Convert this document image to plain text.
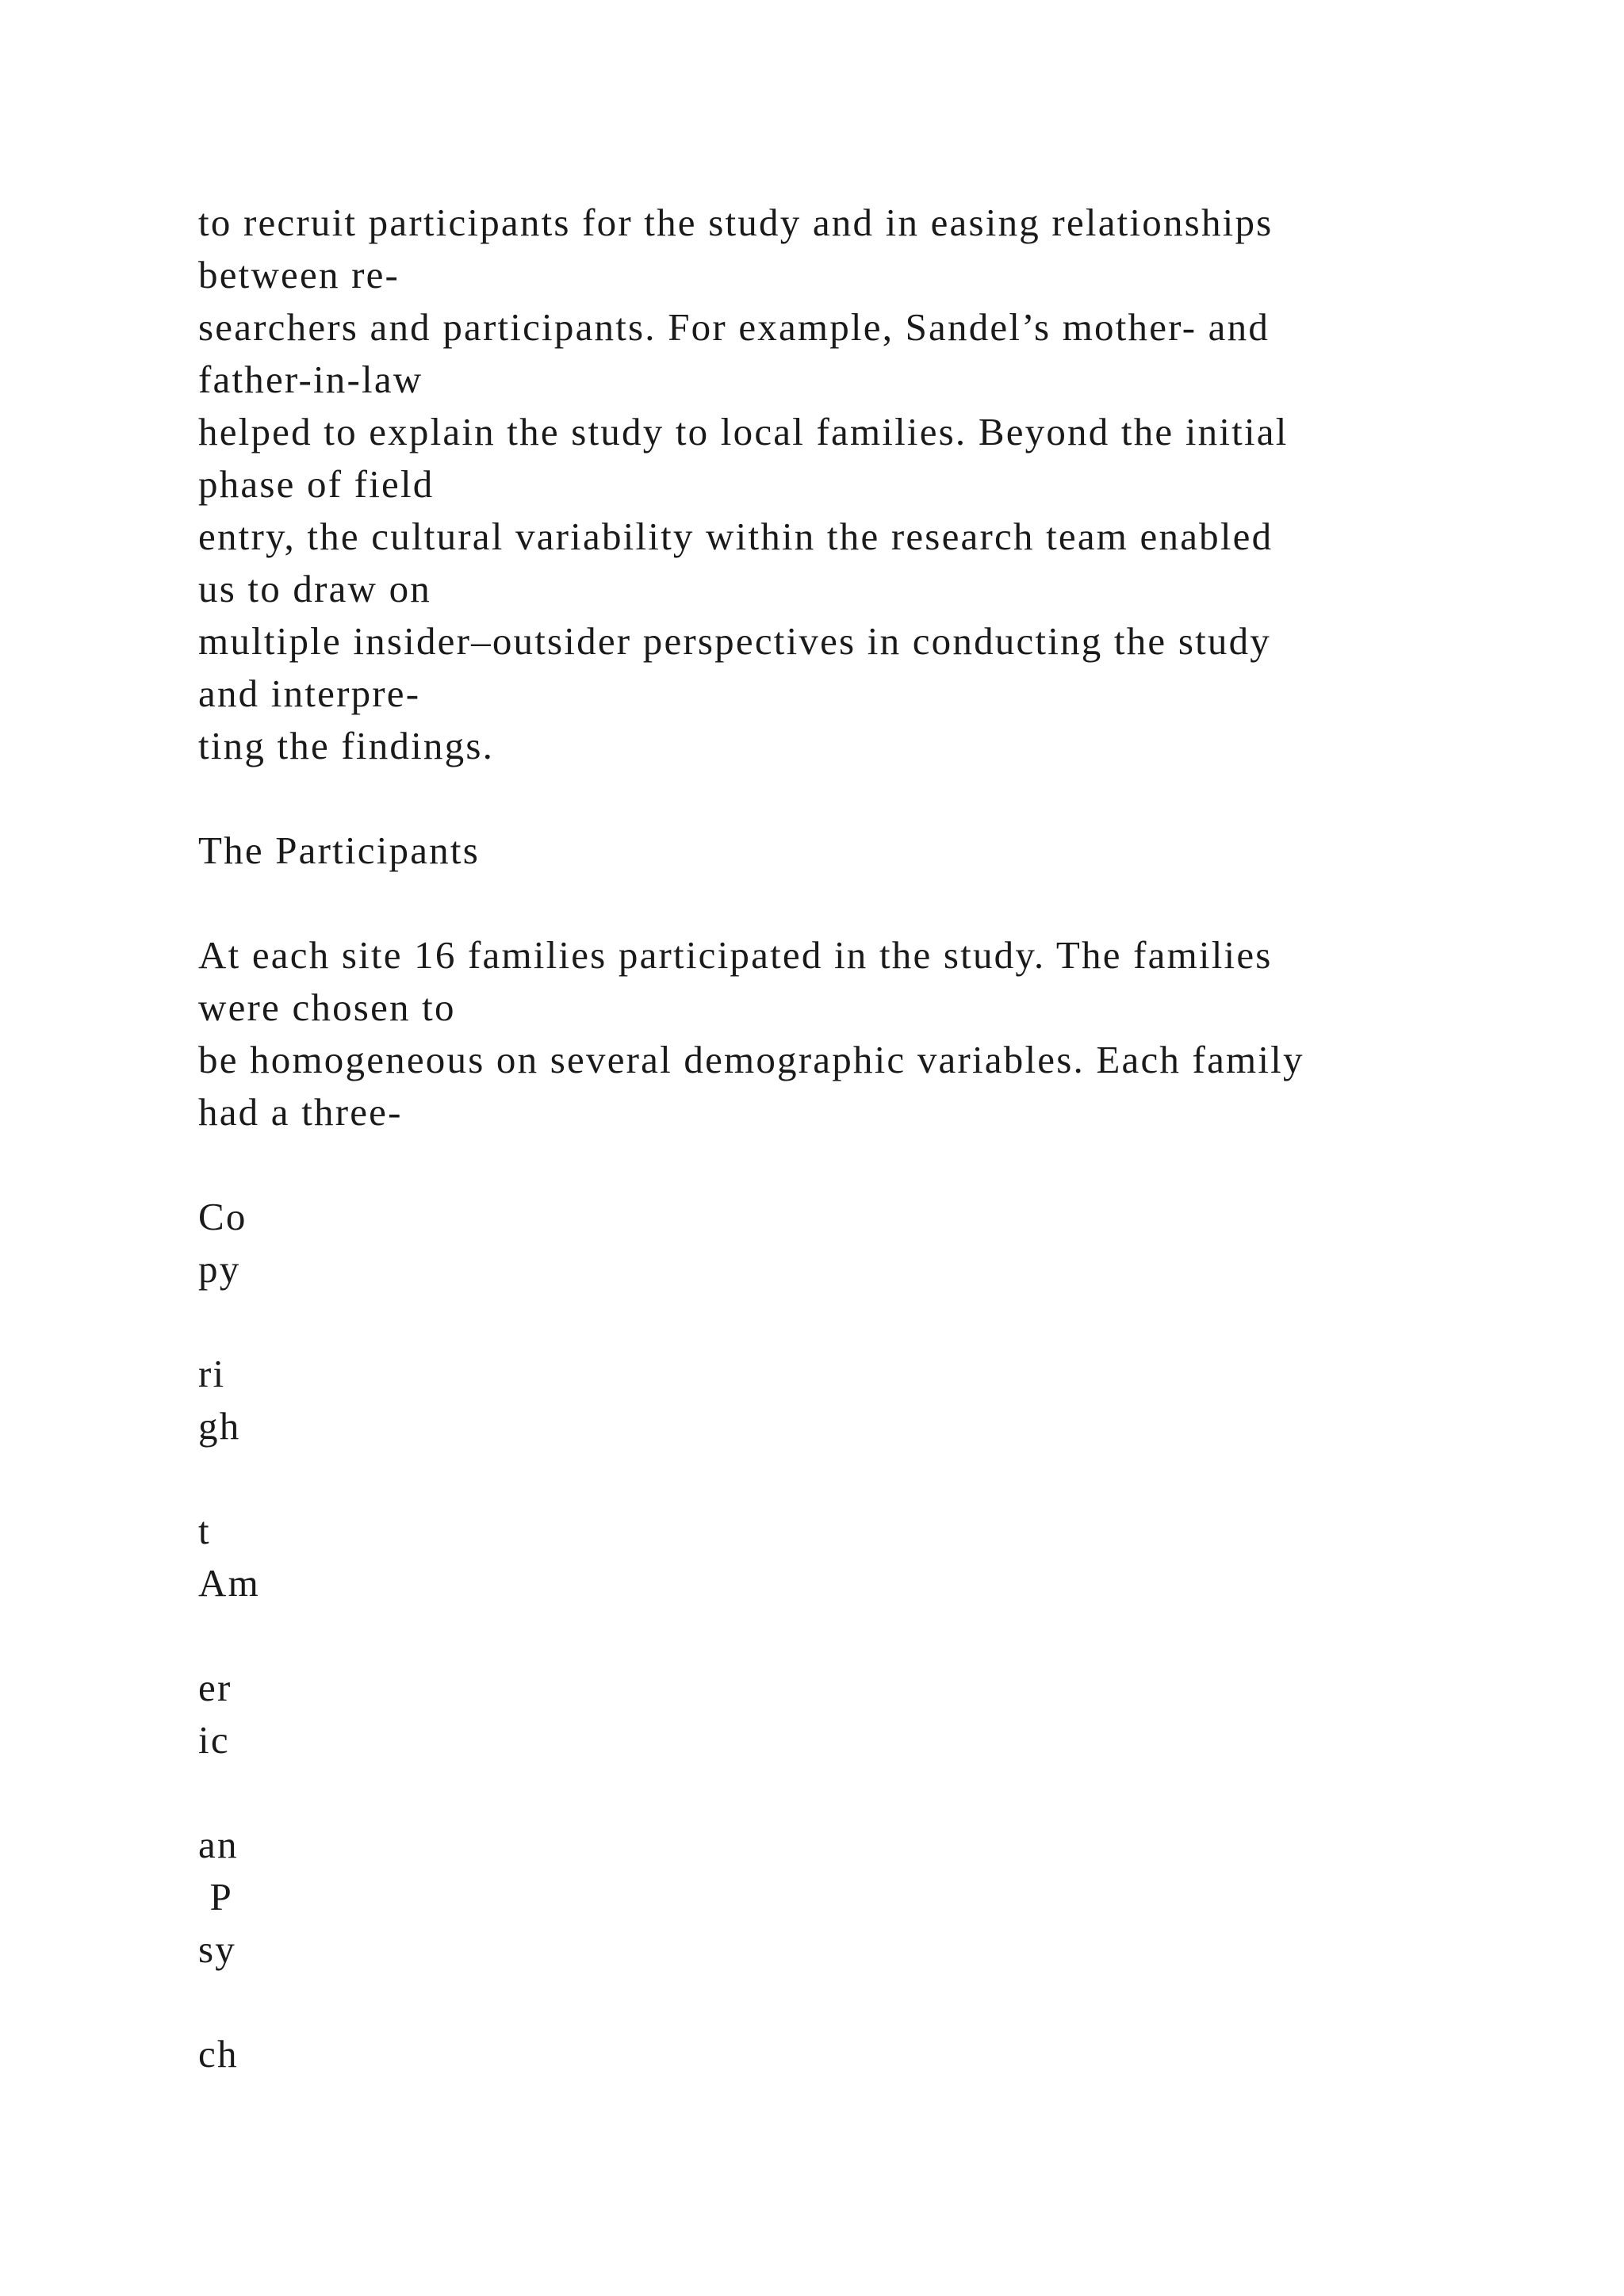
to recruit participants for the study and in easing relationships
between re-
searchers and participants. For example, Sandel’s mother- and
father-in-law
helped to explain the study to local families. Beyond the initial
phase of field
entry, the cultural variability within the research team enabled
us to draw on
multiple insider–outsider perspectives in conducting the study
and interpre-
ting the findings.
The Participants
At each site 16 families participated in the study. The families
were chosen to
be homogeneous on several demographic variables. Each family
had a three-
Co
py
ri
gh
t
Am
er
ic
an
P
sy
ch
